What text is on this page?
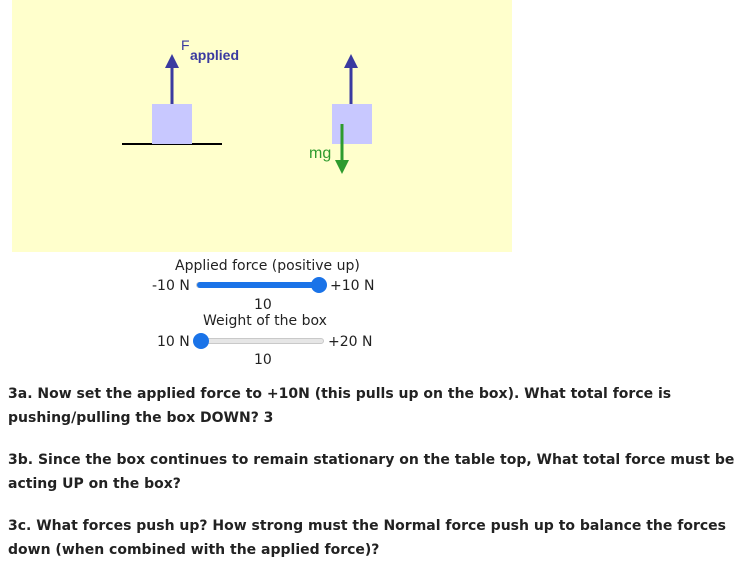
F
applied
mg
Applied force (positive up)
-10 N	+10 N
10
Weight of the box
10 N	+20 N
10

3a. Now set the applied force to +10N (this pulls up on the box). What total force is pushing/pulling the box DOWN? 3

3b. Since the box continues to remain stationary on the table top, What total force must be acting UP on the box?

3c. What forces push up? How strong must the Normal force push up to balance the forces down (when combined with the applied force)?
